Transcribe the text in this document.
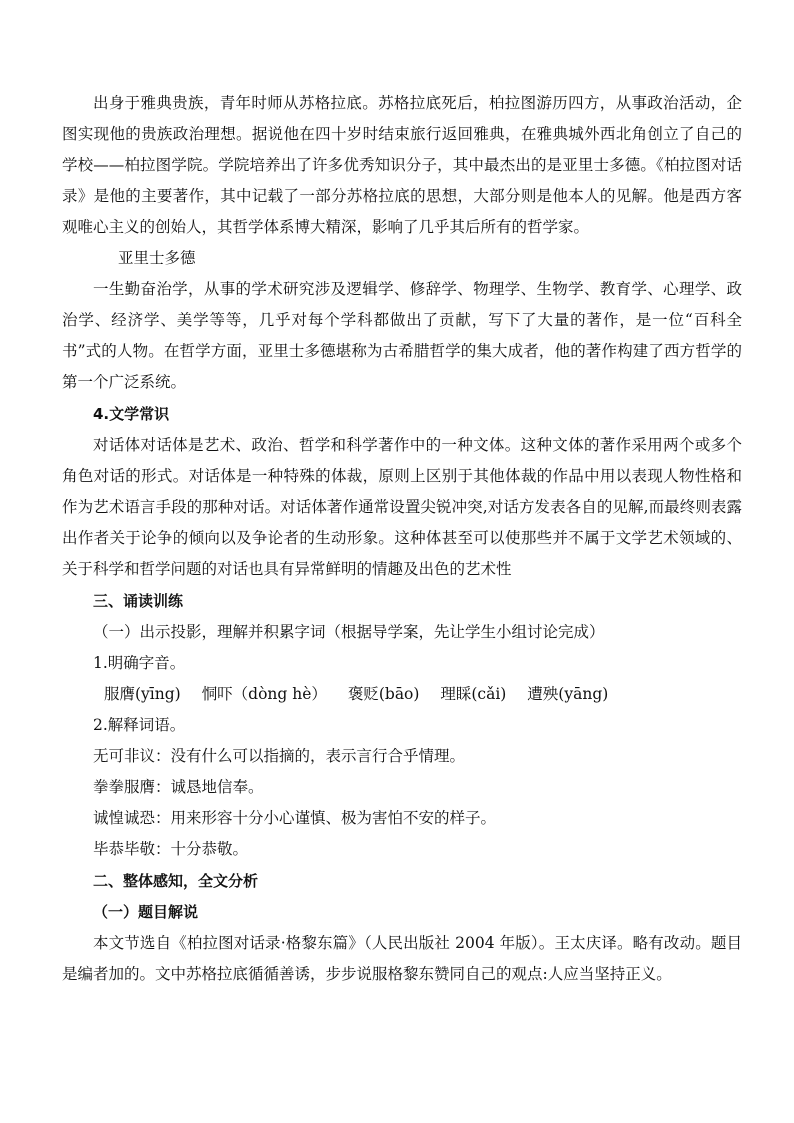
出身于雅典贵族，青年时师从苏格拉底。苏格拉底死后，柏拉图游历四方，从事政治活动，企图实现他的贵族政治理想。据说他在四十岁时结束旅行返回雅典，在雅典城外西北角创立了自己的学校——柏拉图学院。学院培养出了许多优秀知识分子，其中最杰出的是亚里士多德。《柏拉图对话录》是他的主要著作，其中记载了一部分苏格拉底的思想，大部分则是他本人的见解。他是西方客观唯心主义的创始人，其哲学体系博大精深，影响了几乎其后所有的哲学家。

亚里士多德

一生勤奋治学，从事的学术研究涉及逻辑学、修辞学、物理学、生物学、教育学、心理学、政治学、经济学、美学等等，几乎对每个学科都做出了贡献，写下了大量的著作，是一位“百科全书”式的人物。在哲学方面，亚里士多德堪称为古希腊哲学的集大成者，他的著作构建了西方哲学的第一个广泛系统。

4.文学常识

对话体对话体是艺术、政治、哲学和科学著作中的一种文体。这种文体的著作采用两个或多个角色对话的形式。对话体是一种特殊的体裁，原则上区别于其他体裁的作品中用以表现人物性格和作为艺术语言手段的那种对话。对话体著作通常设置尖锐冲突,对话方发表各自的见解,而最终则表露出作者关于论争的倾向以及争论者的生动形象。这种体甚至可以使那些并不属于文学艺术领域的、关于科学和哲学问题的对话也具有异常鲜明的情趣及出色的艺术性

三、诵读训练

（一）出示投影，理解并积累字词（根据导学案，先让学生小组讨论完成）

1.明确字音。

服膺(yīng) 恫吓（dòng hè） 褒贬(bāo) 理睬(cǎi) 遭殃(yāng)

2.解释词语。

无可非议：没有什么可以指摘的，表示言行合乎情理。

拳拳服膺：诚恳地信奉。

诚惶诚恐：用来形容十分小心谨慎、极为害怕不安的样子。

毕恭毕敬：十分恭敬。

二、整体感知，全文分析

（一）题目解说

本文节选自《柏拉图对话录·格黎东篇》（人民出版社 2004 年版）。王太庆译。略有改动。题目是编者加的。文中苏格拉底循循善诱，步步说服格黎东赞同自己的观点:人应当坚持正义。
